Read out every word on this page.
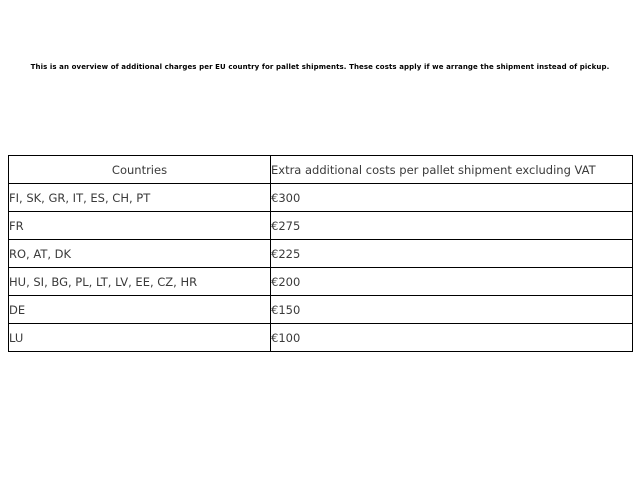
This is an overview of additional charges per EU country for pallet shipments. These costs apply if we arrange the shipment instead of pickup.

Countries	Extra additional costs per pallet shipment excluding VAT
FI, SK, GR, IT, ES, CH, PT	€300
FR	€275
RO, AT, DK	€225
HU, SI, BG, PL, LT, LV, EE, CZ, HR	€200
DE	€150
LU	€100
